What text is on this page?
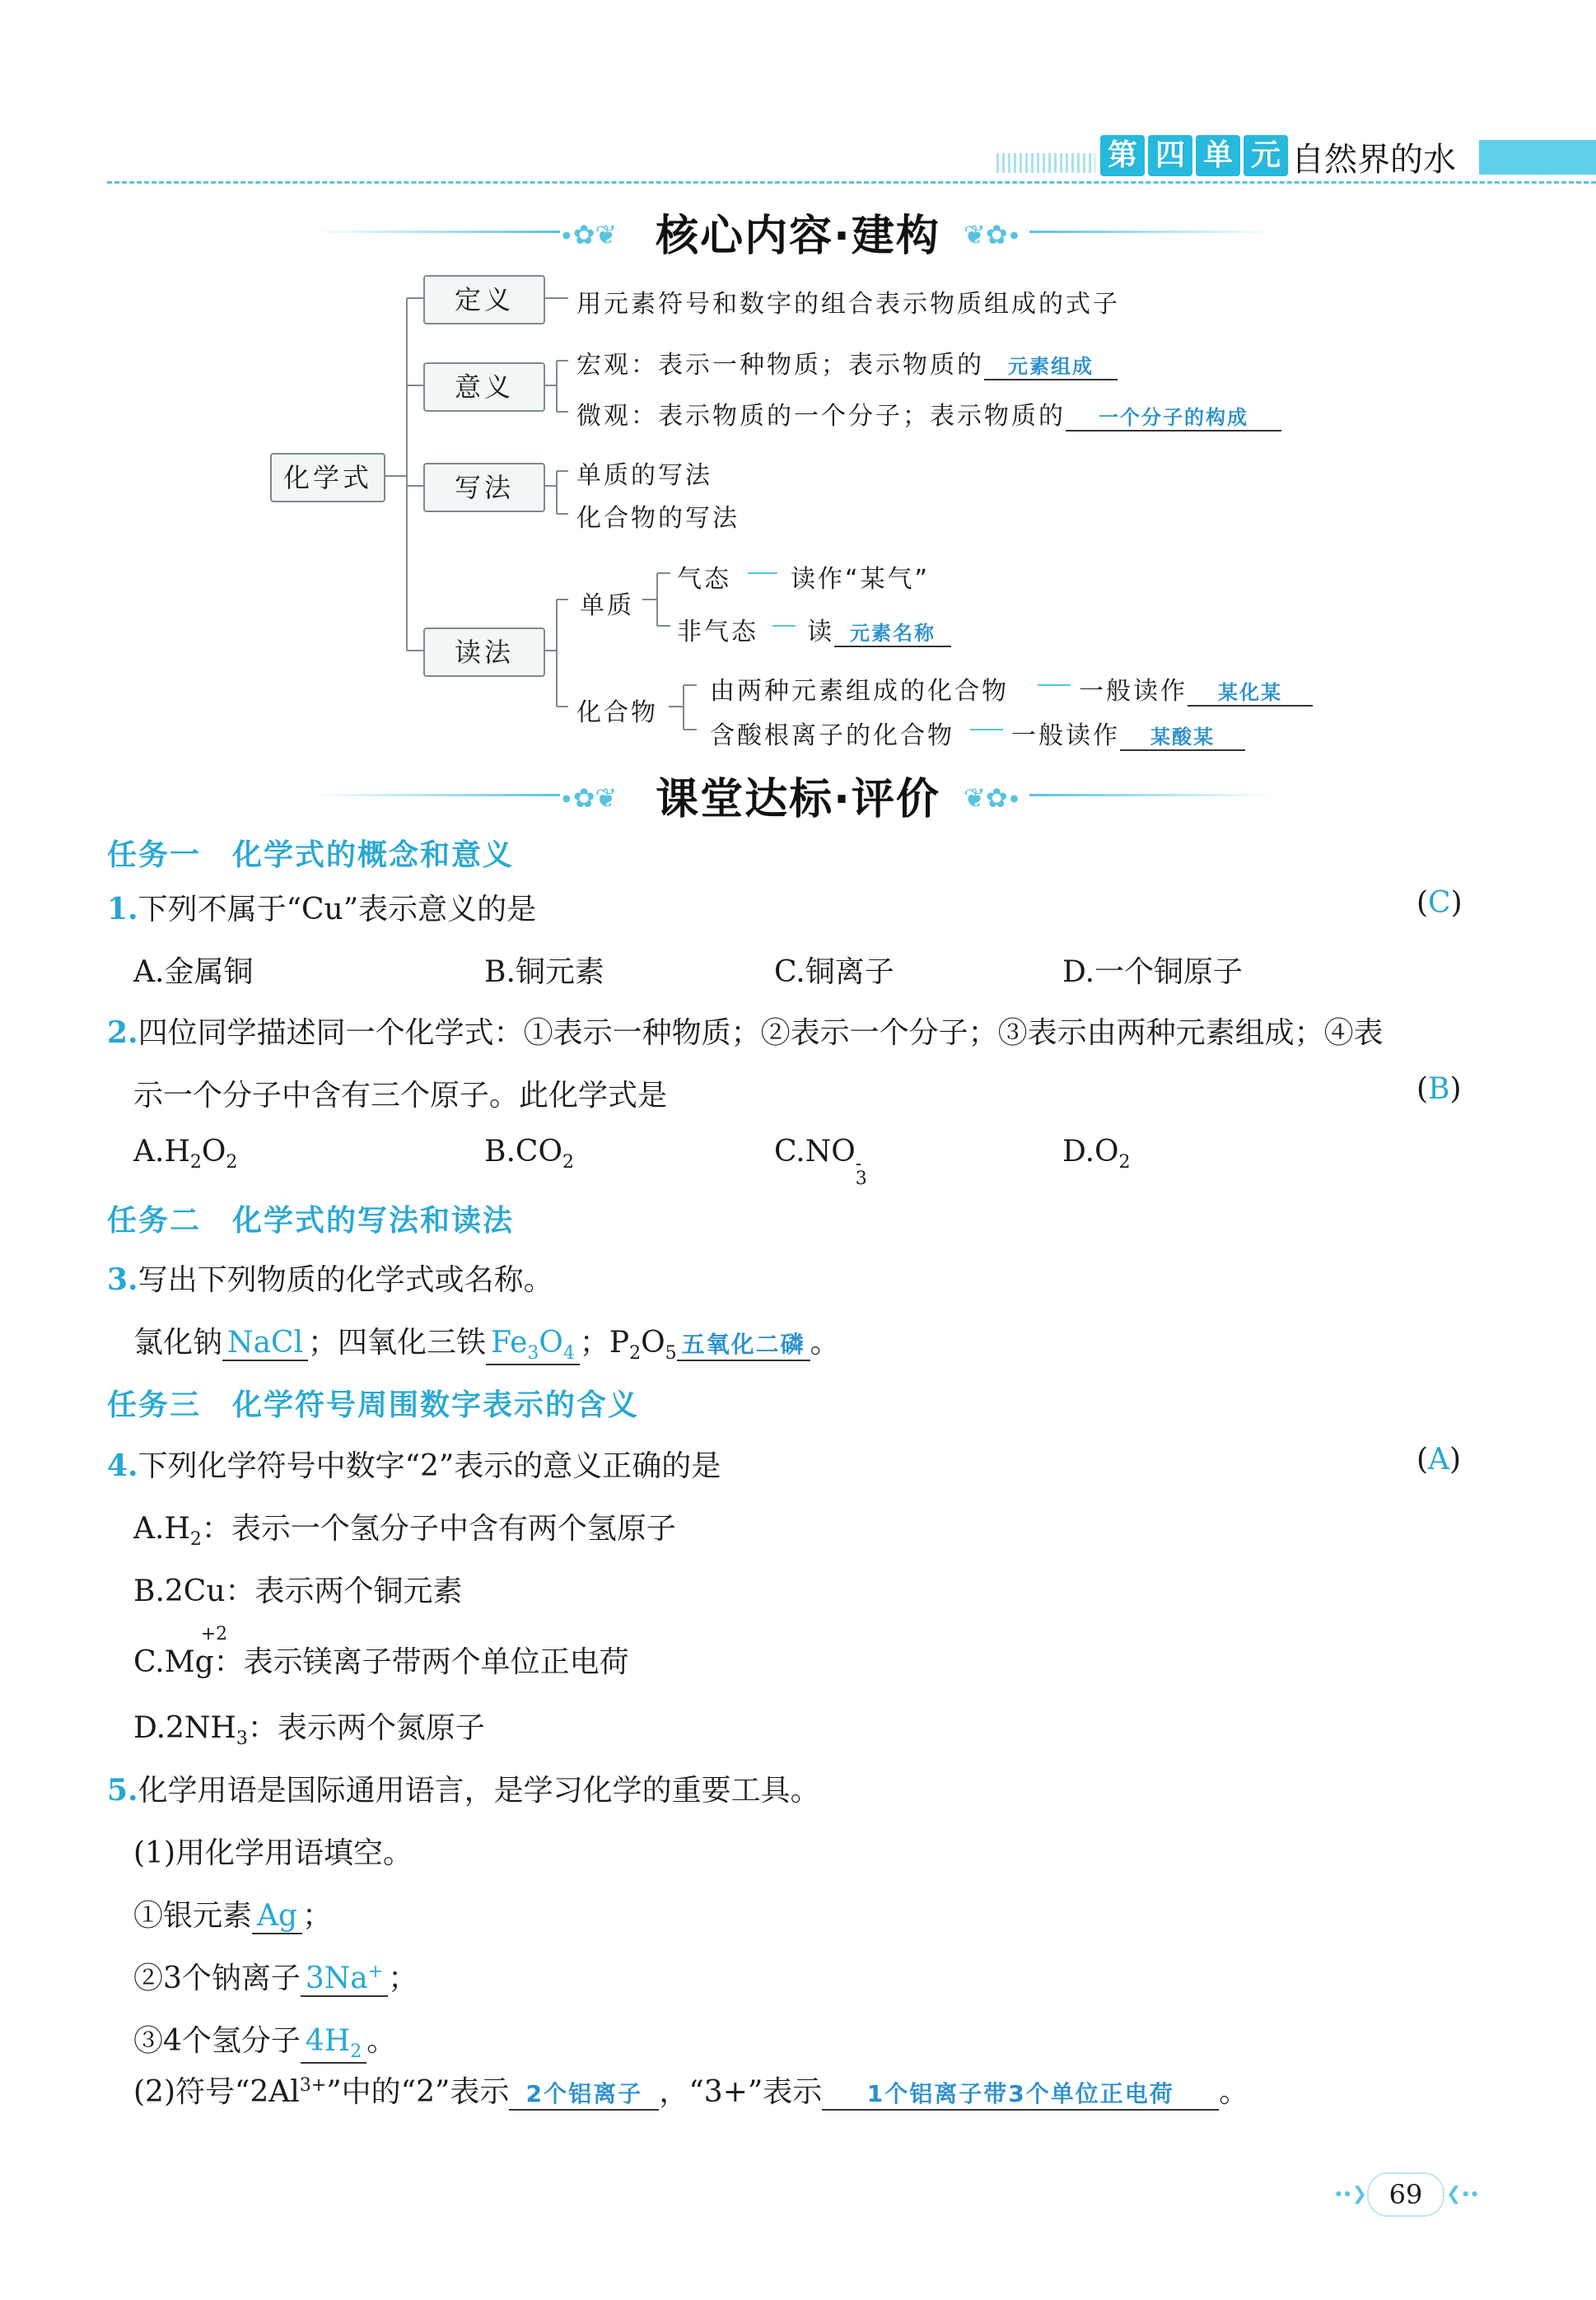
第 四 单 元 自然界的水
∙✿❦	❦✿∙
核心内容·建构
化学式
定义
意义
写法
读法
用元素符号和数字的组合表示物质组成的式子
宏观：表示一种物质；表示物质的 元素组成
微观：表示物质的一个分子；表示物质的 一个分子的构成
单质的写法
化合物的写法
单质
气态 读作“某气”
非气态 读 元素名称
化合物
由两种元素组成的化合物	一般读作 某化某
含酸根离子的化合物 一般读作 某酸某
∙✿❦	❦✿∙
课堂达标·评价
任务一　化学式的概念和意义
1.下列不属于“Cu”表示意义的是	(C)
A.金属铜	B.铜元素	C.铜离子	D.一个铜原子
2.四位同学描述同一个化学式：①表示一种物质；②表示一个分子；③表示由两种元素组成；④表
示一个分子中含有三个原子。此化学式是	(B)
$A.H_2O_2$	$B.CO_2$	C.NO -
3
$D.O_2$
任务二　化学式的写法和读法
3.写出下列物质的化学式或名称。
氯化钠 NaCl ；四氧化三铁 $Fe_3O_4$ ；$P_2O_5$ 五氧化二磷 。
任务三　化学符号周围数字表示的含义
4.下列化学符号中数字“2”表示的意义正确的是	(A)
$A.H_2$：表示一个氢分子中含有两个氢原子
B.2Cu：表示两个铜元素
C.
+2
Mg：表示镁离子带两个单位正电荷
$D.2NH_3$：表示两个氮原子
5.化学用语是国际通用语言，是学习化学的重要工具。
(1)用化学用语填空。
①银元素 Ag ；
②3个钠离子 3Na+ ；
③4个氢分子 $4H_2$ 。
(2)符号“$2Al^{3+}$”中的“2”表示 2个铝离子 ，“3+”表示 1个铝离子带3个单位正电荷 。
∙∙❯ 69	❮∙∙
